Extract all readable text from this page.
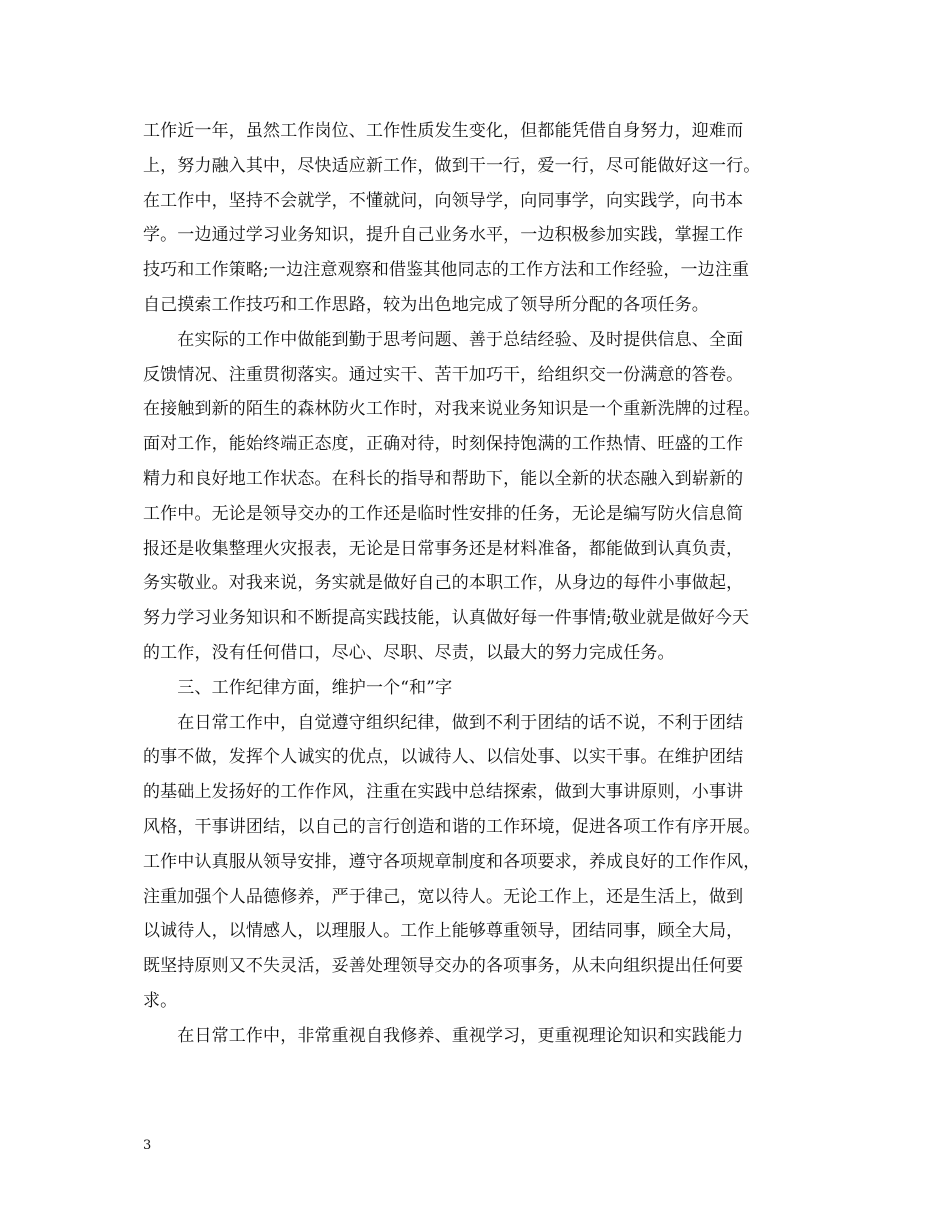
工作近一年，虽然工作岗位、工作性质发生变化，但都能凭借自身努力，迎难而
上，努力融入其中，尽快适应新工作，做到干一行，爱一行，尽可能做好这一行。
在工作中，坚持不会就学，不懂就问，向领导学，向同事学，向实践学，向书本
学。一边通过学习业务知识，提升自己业务水平，一边积极参加实践，掌握工作
技巧和工作策略;一边注意观察和借鉴其他同志的工作方法和工作经验，一边注重
自己摸索工作技巧和工作思路，较为出色地完成了领导所分配的各项任务。
　　在实际的工作中做能到勤于思考问题、善于总结经验、及时提供信息、全面
反馈情况、注重贯彻落实。通过实干、苦干加巧干，给组织交一份满意的答卷。
在接触到新的陌生的森林防火工作时，对我来说业务知识是一个重新洗牌的过程。
面对工作，能始终端正态度，正确对待，时刻保持饱满的工作热情、旺盛的工作
精力和良好地工作状态。在科长的指导和帮助下，能以全新的状态融入到崭新的
工作中。无论是领导交办的工作还是临时性安排的任务，无论是编写防火信息简
报还是收集整理火灾报表，无论是日常事务还是材料准备，都能做到认真负责，
务实敬业。对我来说，务实就是做好自己的本职工作，从身边的每件小事做起，
努力学习业务知识和不断提高实践技能，认真做好每一件事情;敬业就是做好今天
的工作，没有任何借口，尽心、尽职、尽责，以最大的努力完成任务。
　　三、工作纪律方面，维护一个“和”字
　　在日常工作中，自觉遵守组织纪律，做到不利于团结的话不说，不利于团结
的事不做，发挥个人诚实的优点，以诚待人、以信处事、以实干事。在维护团结
的基础上发扬好的工作作风，注重在实践中总结探索，做到大事讲原则，小事讲
风格，干事讲团结，以自己的言行创造和谐的工作环境，促进各项工作有序开展。
工作中认真服从领导安排，遵守各项规章制度和各项要求，养成良好的工作作风，
注重加强个人品德修养，严于律己，宽以待人。无论工作上，还是生活上，做到
以诚待人，以情感人，以理服人。工作上能够尊重领导，团结同事，顾全大局，
既坚持原则又不失灵活，妥善处理领导交办的各项事务，从未向组织提出任何要
求。
　　在日常工作中，非常重视自我修养、重视学习，更重视理论知识和实践能力
3
